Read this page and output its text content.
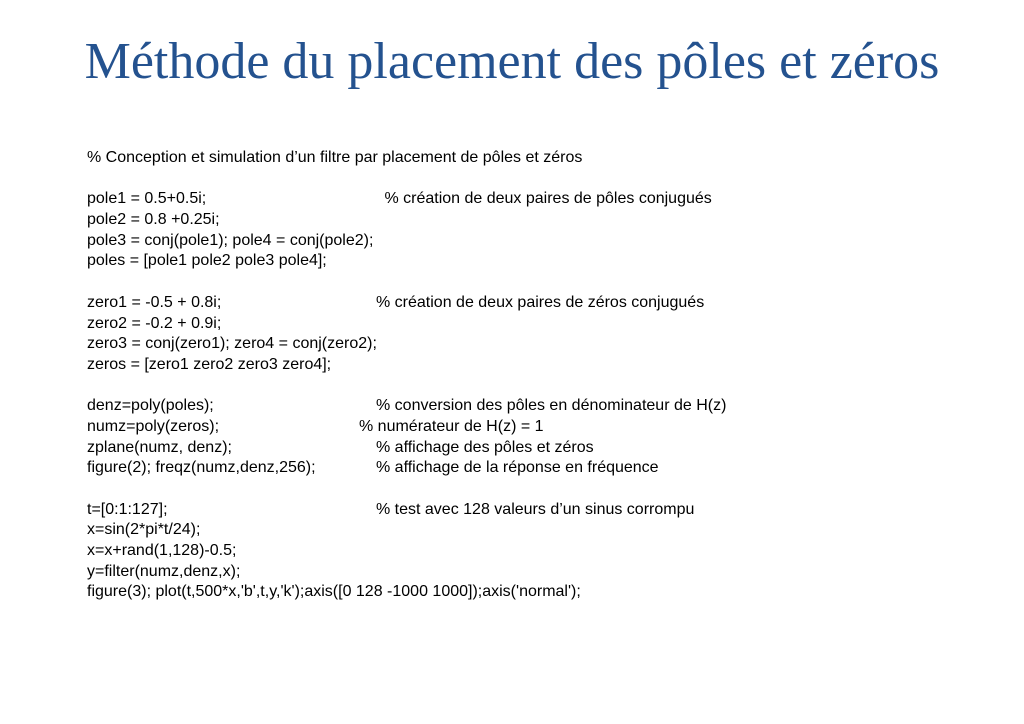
Méthode du placement des pôles et zéros
% Conception et simulation d’un filtre par placement de pôles et zéros
pole1 = 0.5+0.5i;	% création de deux paires de pôles conjugués
pole2 = 0.8 +0.25i;
pole3 = conj(pole1); pole4 = conj(pole2);
poles = [pole1 pole2 pole3 pole4];
zero1 = -0.5 + 0.8i;	% création de deux paires de zéros conjugués
zero2 = -0.2 + 0.9i;
zero3 = conj(zero1); zero4 = conj(zero2);
zeros = [zero1 zero2 zero3 zero4];
denz=poly(poles);	% conversion des pôles en dénominateur de H(z)
numz=poly(zeros);	% numérateur de H(z) = 1
zplane(numz, denz);	% affichage des pôles et zéros
figure(2); freqz(numz,denz,256);	% affichage de la réponse en fréquence
t=[0:1:127];	% test avec 128 valeurs d’un sinus corrompu
x=sin(2*pi*t/24);
x=x+rand(1,128)-0.5;
y=filter(numz,denz,x);
figure(3); plot(t,500*x,'b',t,y,'k');axis([0 128 -1000 1000]);axis('normal');
